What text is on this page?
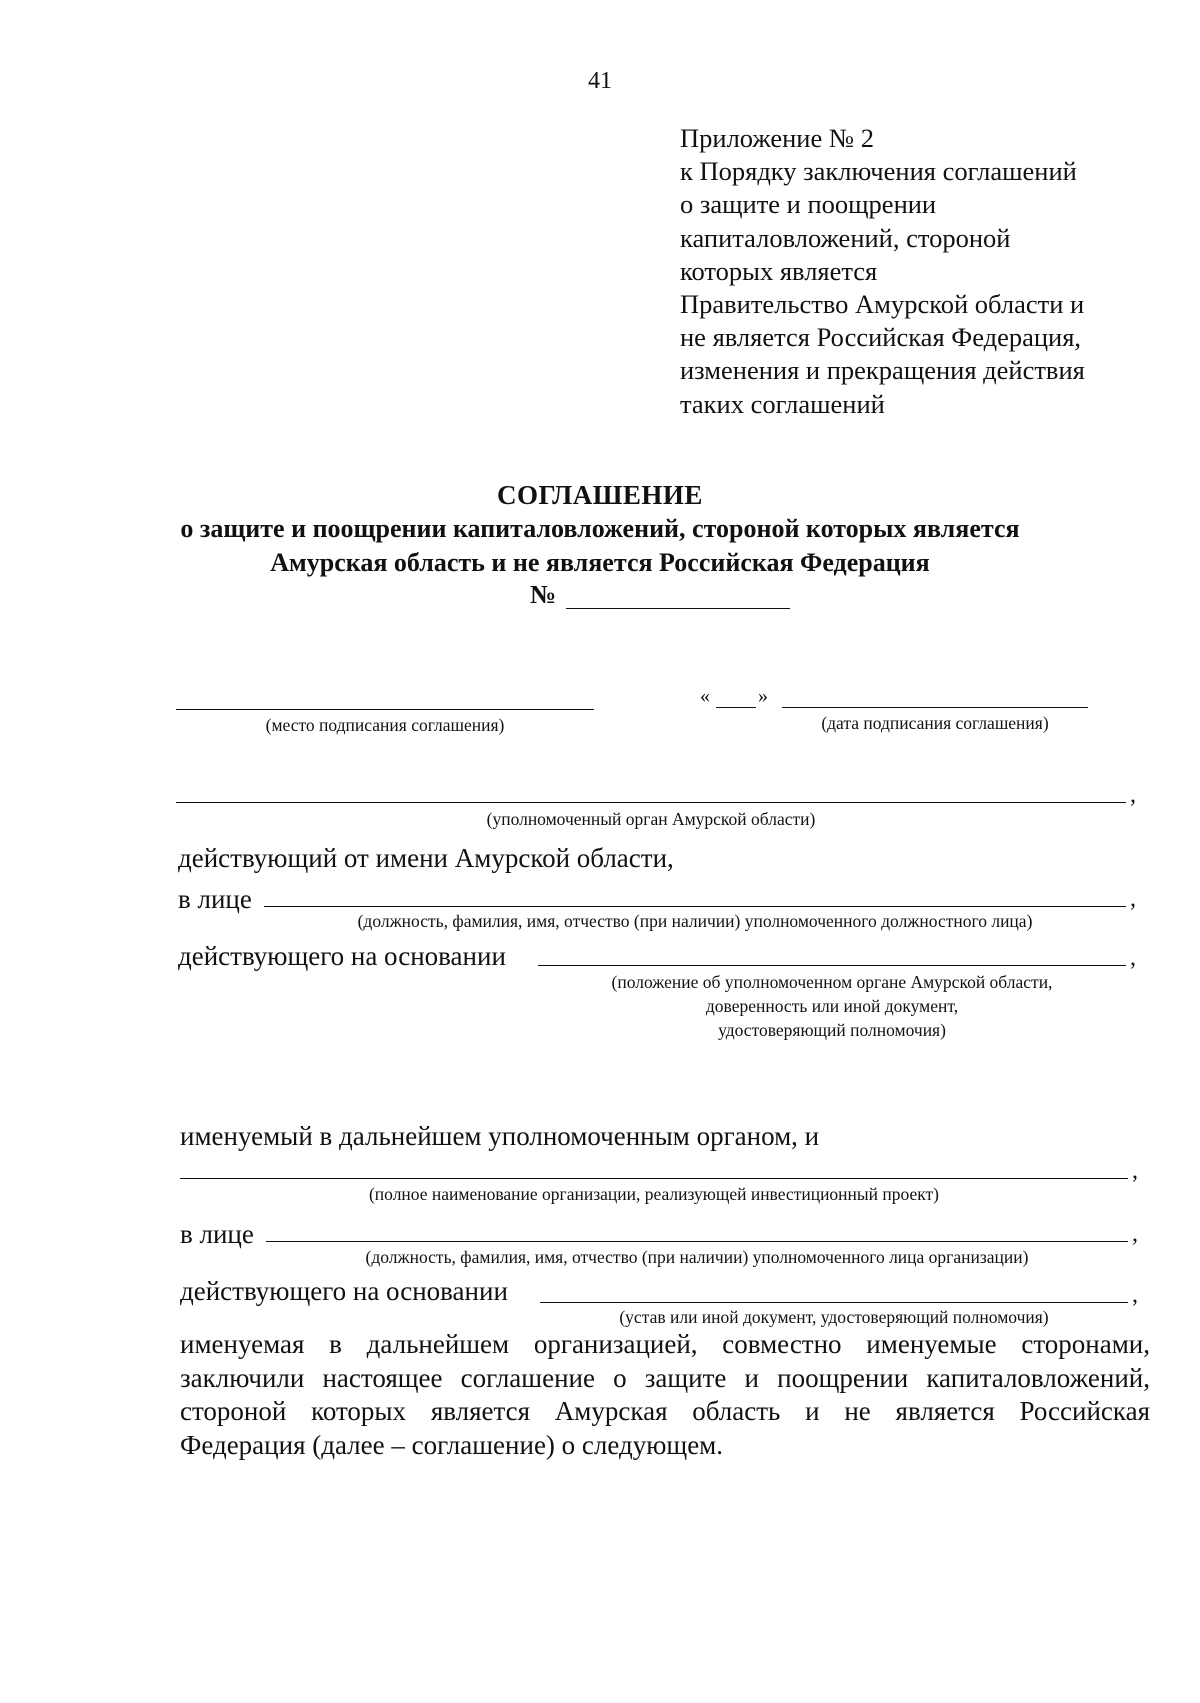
41
Приложение № 2
к Порядку заключения соглашений
о защите и поощрении
капиталовложений, стороной
которых является
Правительство Амурской области и
не является Российская Федерация,
изменения и прекращения действия
таких соглашений
СОГЛАШЕНИЕ
о защите и поощрении капиталовложений, стороной которых является
Амурская область и не является Российская Федерация
№
(место подписания соглашения)
« »
(дата подписания соглашения)
,
(уполномоченный орган Амурской области)
действующий от имени Амурской области,
в лице	,
(должность, фамилия, имя, отчество (при наличии) уполномоченного должностного лица)
действующего на основании	,
(положение об уполномоченном органе Амурской области,
доверенность или иной документ,
удостоверяющий полномочия)
именуемый в дальнейшем уполномоченным органом, и
,
(полное наименование организации, реализующей инвестиционный проект)
в лице	,
(должность, фамилия, имя, отчество (при наличии) уполномоченного лица организации)
действующего на основании	,
(устав или иной документ, удостоверяющий полномочия)
именуемая в дальнейшем организацией, совместно именуемые сторонами,
заключили настоящее соглашение о защите и поощрении капиталовложений,
стороной которых является Амурская область и не является Российская
Федерация (далее – соглашение) о следующем.
